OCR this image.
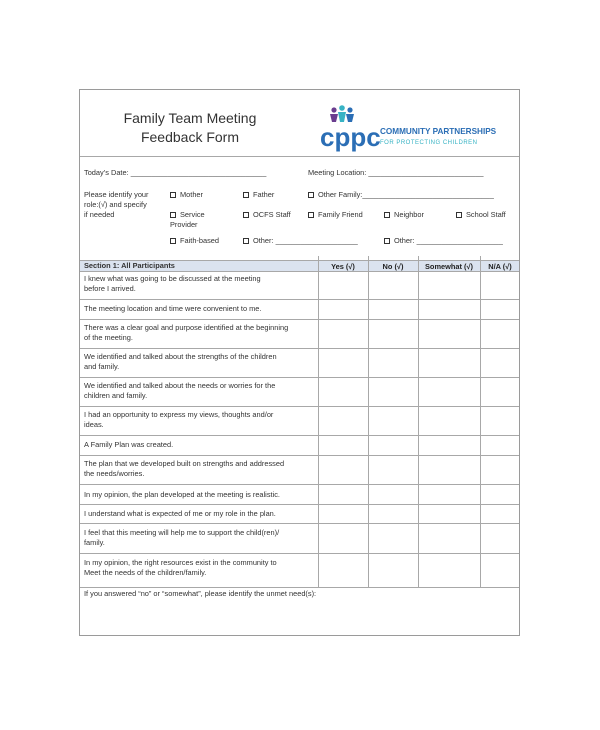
Family Team Meeting
Feedback Form	cppc COMMUNITY PARTNERSHIPS
FOR PROTECTING CHILDREN
Today’s Date: _________________________________	Meeting Location: ____________________________
Please identify your
role:(√) and specify
if needed
Mother	Father	Other Family:________________________________
Service
Provider
OCFS Staff	Family Friend	Neighbor	School Staff
Faith-based	Other: ____________________	Other: _____________________
Section 1: All Participants	Yes (√)	No (√)	Somewhat (√)	N/A (√)
I knew what was going to be discussed at the meeting
before I arrived.
The meeting location and time were convenient to me.
There was a clear goal and purpose identified at the beginning
of the meeting.
We identified and talked about the strengths of the children
and family.
We identified and talked about the needs or worries for the
children and family.
I had an opportunity to express my views, thoughts and/or
ideas.
A Family Plan was created.
The plan that we developed built on strengths and addressed
the needs/worries.
In my opinion, the plan developed at the meeting is realistic.
I understand what is expected of me or my role in the plan.
I feel that this meeting will help me to support the child(ren)/
family.
In my opinion, the right resources exist in the community to
Meet the needs of the children/family.
If you answered “no” or “somewhat”, please identify the unmet need(s):
